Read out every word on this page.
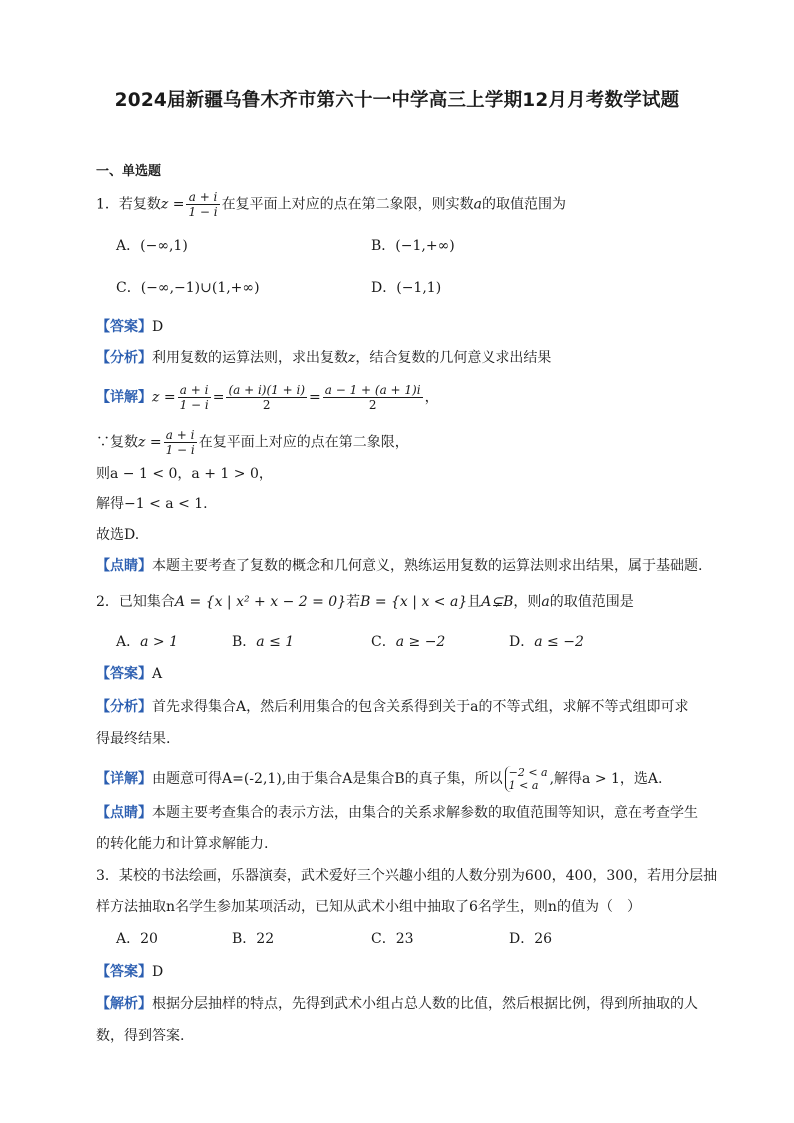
2024届新疆乌鲁木齐市第六十一中学高三上学期12月月考数学试题
一、单选题
1．若复数$z = \frac{a + i}{1 - i}$ 在复平面上对应的点在第二象限，则实数a的取值范围为
A．(−∞,1)	B．(−1,+∞)
C．(−∞,−1)∪(1,+∞)	D．(−1,1)
【答案】D
【分析】利用复数的运算法则，求出复数z，结合复数的几何意义求出结果
【详解】$z = \frac{a + i}{1 - i} = \frac{(a + i)(1 + i)}{2} = \frac{a - 1 + (a + 1)i}{2}$ ，
∵复数$z = \frac{a + i}{1 - i}$ 在复平面上对应的点在第二象限，
则a − 1 < 0，a + 1 > 0，
解得−1 < a < 1.
故选D.
【点睛】本题主要考查了复数的概念和几何意义，熟练运用复数的运算法则求出结果，属于基础题.
2．已知集合A = {x | x² + x − 2 = 0}若B = {x | x < a}且A⊊B，则a的取值范围是
A．a > 1	B．a ≤ 1	C．a ≥ −2	D．a ≤ −2
【答案】A
【分析】首先求得集合A，然后利用集合的包含关系得到关于a的不等式组，求解不等式组即可求
得最终结果.
【详解】由题意可得A=(-2,1),由于集合A是集合B的真子集，所以 −2 < a
1 < a ,解得a > 1，选A.
【点睛】本题主要考查集合的表示方法，由集合的关系求解参数的取值范围等知识，意在考查学生
的转化能力和计算求解能力.
3．某校的书法绘画，乐器演奏，武术爱好三个兴趣小组的人数分别为600，400，300，若用分层抽
样方法抽取n名学生参加某项活动，已知从武术小组中抽取了6名学生，则n的值为（　）
A．20	B．22	C．23	D．26
【答案】D
【解析】根据分层抽样的特点，先得到武术小组占总人数的比值，然后根据比例，得到所抽取的人
数，得到答案.
